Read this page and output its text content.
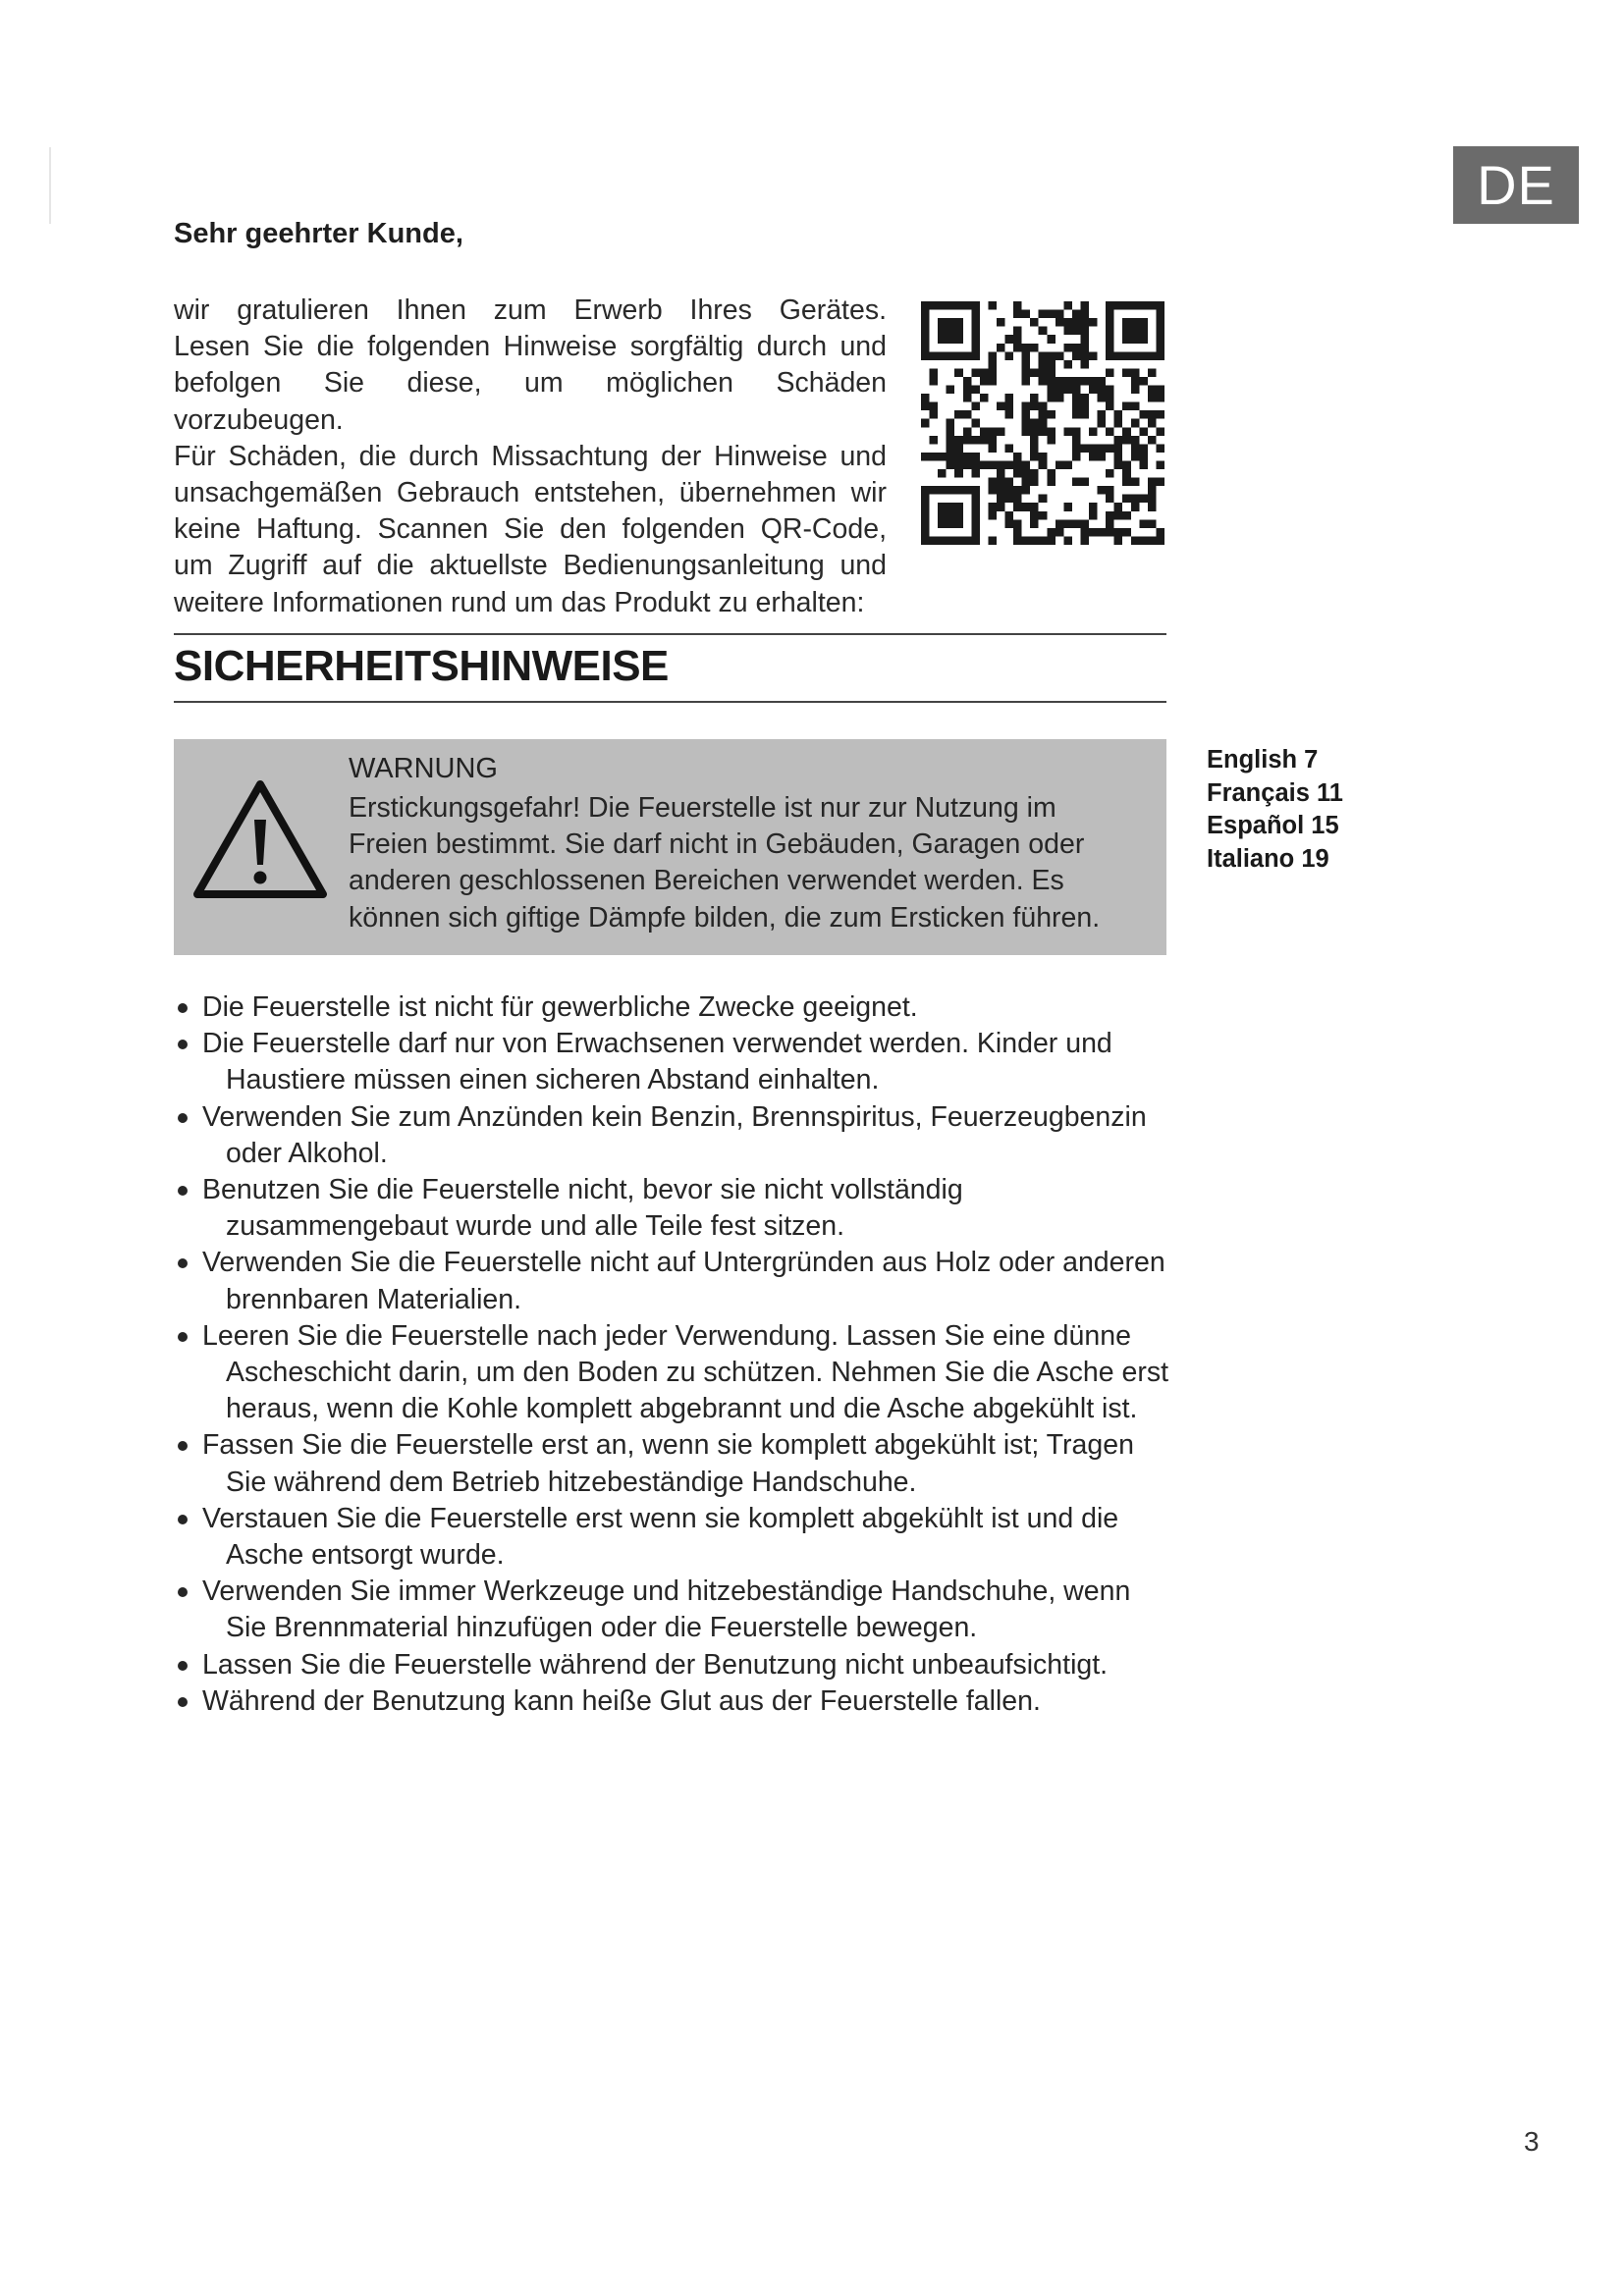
DE
Sehr geehrter Kunde,
wir gratulieren Ihnen zum Erwerb Ihres Gerätes.
Lesen Sie die folgenden Hinweise sorgfältig durch und
befolgen Sie diese, um möglichen Schäden vorzubeugen.
Für Schäden, die durch Missachtung der Hinweise und
unsachgemäßen Gebrauch entstehen, übernehmen wir
keine Haftung. Scannen Sie den folgenden QR-Code,
um Zugriff auf die aktuellste Bedienungsanleitung und
weitere Informationen rund um das Produkt zu erhalten:
SICHERHEITSHINWEISE
WARNUNG
Erstickungsgefahr! Die Feuerstelle ist nur zur Nutzung im
Freien bestimmt. Sie darf nicht in Gebäuden, Garagen oder
anderen geschlossenen Bereichen verwendet werden. Es
können sich giftige Dämpfe bilden, die zum Ersticken führen.
English 7
Français 11
Español 15
Italiano 19
Die Feuerstelle ist nicht für gewerbliche Zwecke geeignet.
Die Feuerstelle darf nur von Erwachsenen verwendet werden. Kinder und Haustiere müssen einen sicheren Abstand einhalten.
Verwenden Sie zum Anzünden kein Benzin, Brennspiritus, Feuerzeugbenzin oder Alkohol.
Benutzen Sie die Feuerstelle nicht, bevor sie nicht vollständig zusammengebaut wurde und alle Teile fest sitzen.
Verwenden Sie die Feuerstelle nicht auf Untergründen aus Holz oder anderen brennbaren Materialien.
Leeren Sie die Feuerstelle nach jeder Verwendung. Lassen Sie eine dünne Ascheschicht darin, um den Boden zu schützen. Nehmen Sie die Asche erst heraus, wenn die Kohle komplett abgebrannt und die Asche abgekühlt ist.
Fassen Sie die Feuerstelle erst an, wenn sie komplett abgekühlt ist; Tragen Sie während dem Betrieb hitzebeständige Handschuhe.
Verstauen Sie die Feuerstelle erst wenn sie komplett abgekühlt ist und die Asche entsorgt wurde.
Verwenden Sie immer Werkzeuge und hitzebeständige Handschuhe, wenn Sie Brennmaterial hinzufügen oder die Feuerstelle bewegen.
Lassen Sie die Feuerstelle während der Benutzung nicht unbeaufsichtigt.
Während der Benutzung kann heiße Glut aus der Feuerstelle fallen.
3
